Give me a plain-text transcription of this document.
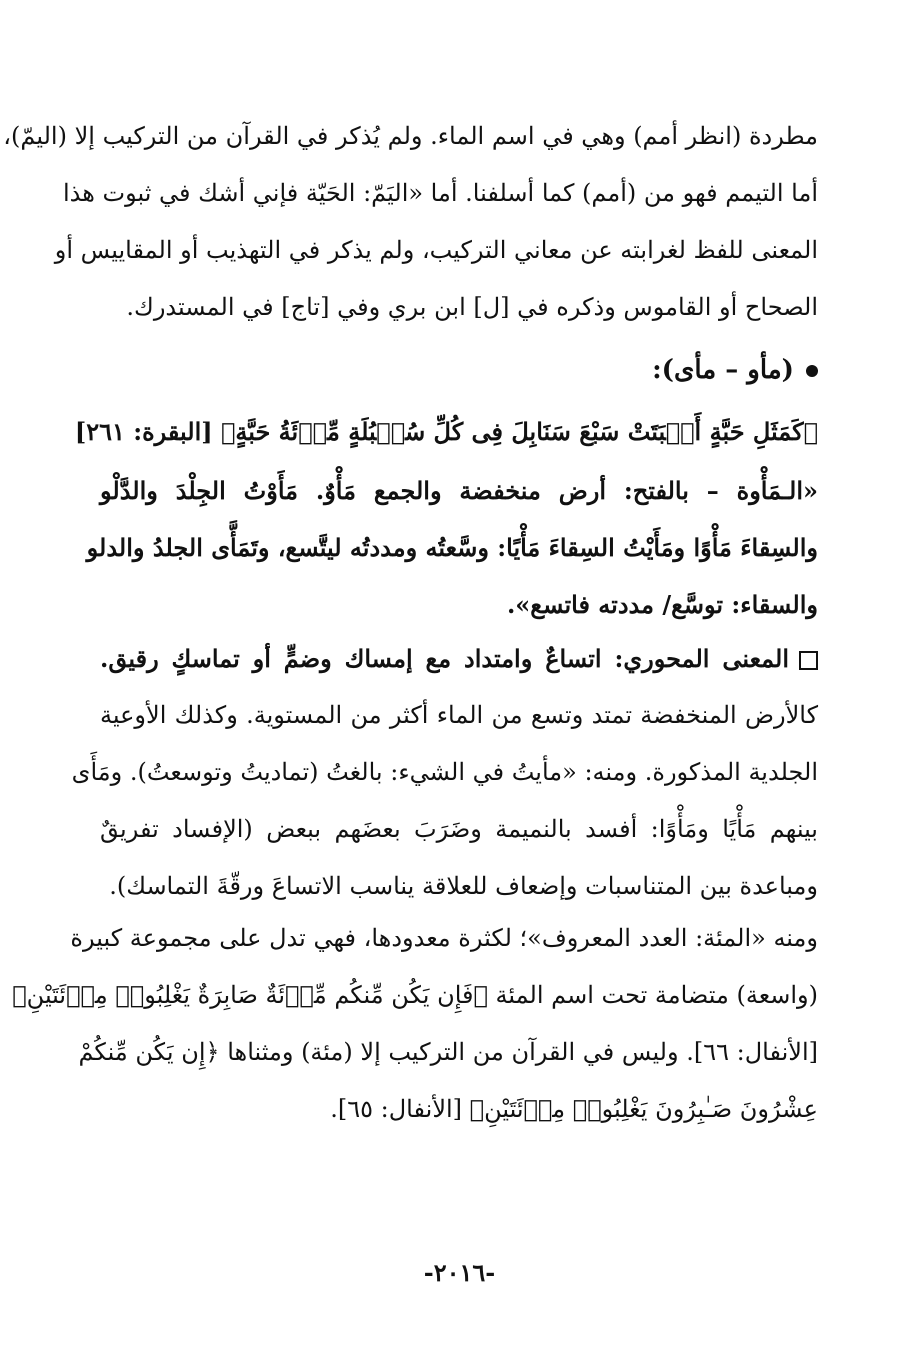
مطردة (انظر أمم) وهي في اسم الماء. ولم يُذكر في القرآن من التركيب إلا (اليمّ)،
أما التيمم فهو من (أمم) كما أسلفنا. أما «اليَمّ: الحَيّة فإني أشك في ثبوت هذا
المعنى للفظ لغرابته عن معاني التركيب، ولم يذكر في التهذيب أو المقاييس أو
الصحاح أو القاموس وذكره في [ل] ابن بري وفي [تاج] في المستدرك.
(مأو – مأى):
﴿كَمَثَلِ حَبَّةٍ أَنۢبَتَتْ سَبْعَ سَنَابِلَ فِى كُلِّ سُنۢبُلَةٍ مِّا۟ئَةُ حَبَّةٍ﴾ [البقرة: ٢٦١]
«الـمَأْوة – بالفتح: أرض منخفضة والجمع مَأْوٌ. مَأَوْتُ الجِلْدَ والدَّلْو
والسِقاءَ مَأْوًا ومَأَيْتُ السِقاءَ مَأْيًا: وسَّعتُه ومددتُه ليتَّسع، وتَمَأَّى الجلدُ والدلو
والسقاء: توسَّع/ مددته فاتسع».
المعنى المحوري: اتساعٌ وامتداد مع إمساك وضمٍّ أو تماسكٍ رقيق.
كالأرض المنخفضة تمتد وتسع من الماء أكثر من المستوية. وكذلك الأوعية
الجلدية المذكورة. ومنه: «مأيتُ في الشيء: بالغتُ (تماديتُ وتوسعتُ). ومَأَى
بينهم مَأْيًا ومَأْوًا: أفسد بالنميمة وضَرَبَ بعضَهم ببعض (الإفساد تفريقٌ
ومباعدة بين المتناسبات وإضعاف للعلاقة يناسب الاتساعَ ورقّةَ التماسك).
ومنه «المئة: العدد المعروف»؛ لكثرة معدودها، فهي تدل على مجموعة كبيرة
(واسعة) متضامة تحت اسم المئة ﴿فَإِن يَكُن مِّنكُم مِّا۟ئَةٌ صَابِرَةٌ يَغْلِبُوا۟ مِا۟ئَتَيْنِ﴾
[الأنفال: ٦٦]. وليس في القرآن من التركيب إلا (مئة) ومثناها ﴿إِن يَكُن مِّنكُمْ
عِشْرُونَ صَـٰبِرُونَ يَغْلِبُوا۟ مِا۟ئَتَيْنِ﴾ [الأنفال: ٦٥].
-٢٠١٦-
